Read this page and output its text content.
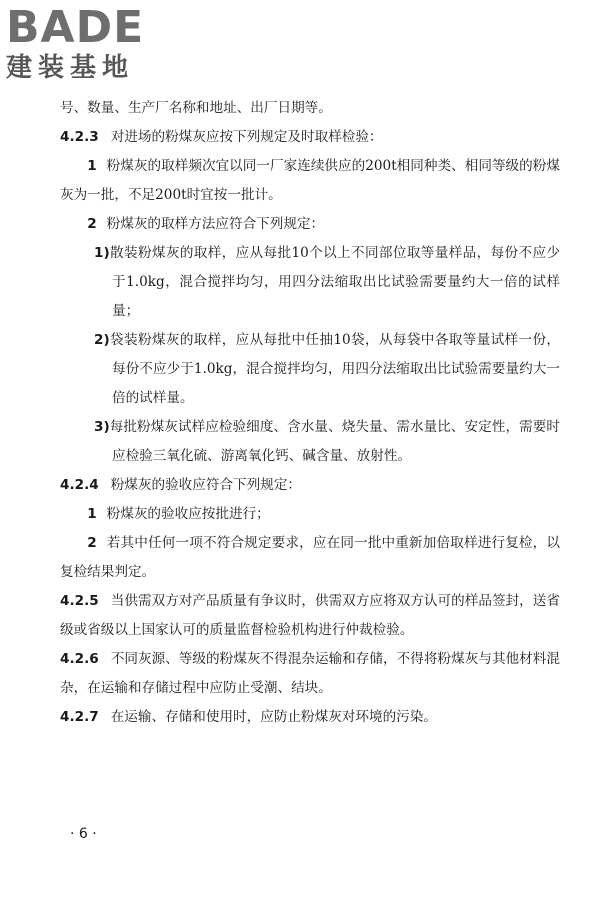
BADE
建装基地

号、数量、生产厂名称和地址、出厂日期等。

4.2.3 对进场的粉煤灰应按下列规定及时取样检验：

1 粉煤灰的取样频次宜以同一厂家连续供应的200t相同种类、相同等级的粉煤灰为一批，不足200t时宜按一批计。

2 粉煤灰的取样方法应符合下列规定：

1)散装粉煤灰的取样，应从每批10个以上不同部位取等量样品，每份不应少于1.0kg，混合搅拌均匀，用四分法缩取出比试验需要量约大一倍的试样量；

2)袋装粉煤灰的取样，应从每批中任抽10袋，从每袋中各取等量试样一份，每份不应少于1.0kg，混合搅拌均匀，用四分法缩取出比试验需要量约大一倍的试样量。

3)每批粉煤灰试样应检验细度、含水量、烧失量、需水量比、安定性，需要时应检验三氧化硫、游离氧化钙、碱含量、放射性。

4.2.4 粉煤灰的验收应符合下列规定：

1 粉煤灰的验收应按批进行；

2 若其中任何一项不符合规定要求，应在同一批中重新加倍取样进行复检，以复检结果判定。

4.2.5 当供需双方对产品质量有争议时，供需双方应将双方认可的样品签封，送省级或省级以上国家认可的质量监督检验机构进行仲裁检验。

4.2.6 不同灰源、等级的粉煤灰不得混杂运输和存储，不得将粉煤灰与其他材料混杂，在运输和存储过程中应防止受潮、结块。

4.2.7 在运输、存储和使用时，应防止粉煤灰对环境的污染。

· 6 ·
